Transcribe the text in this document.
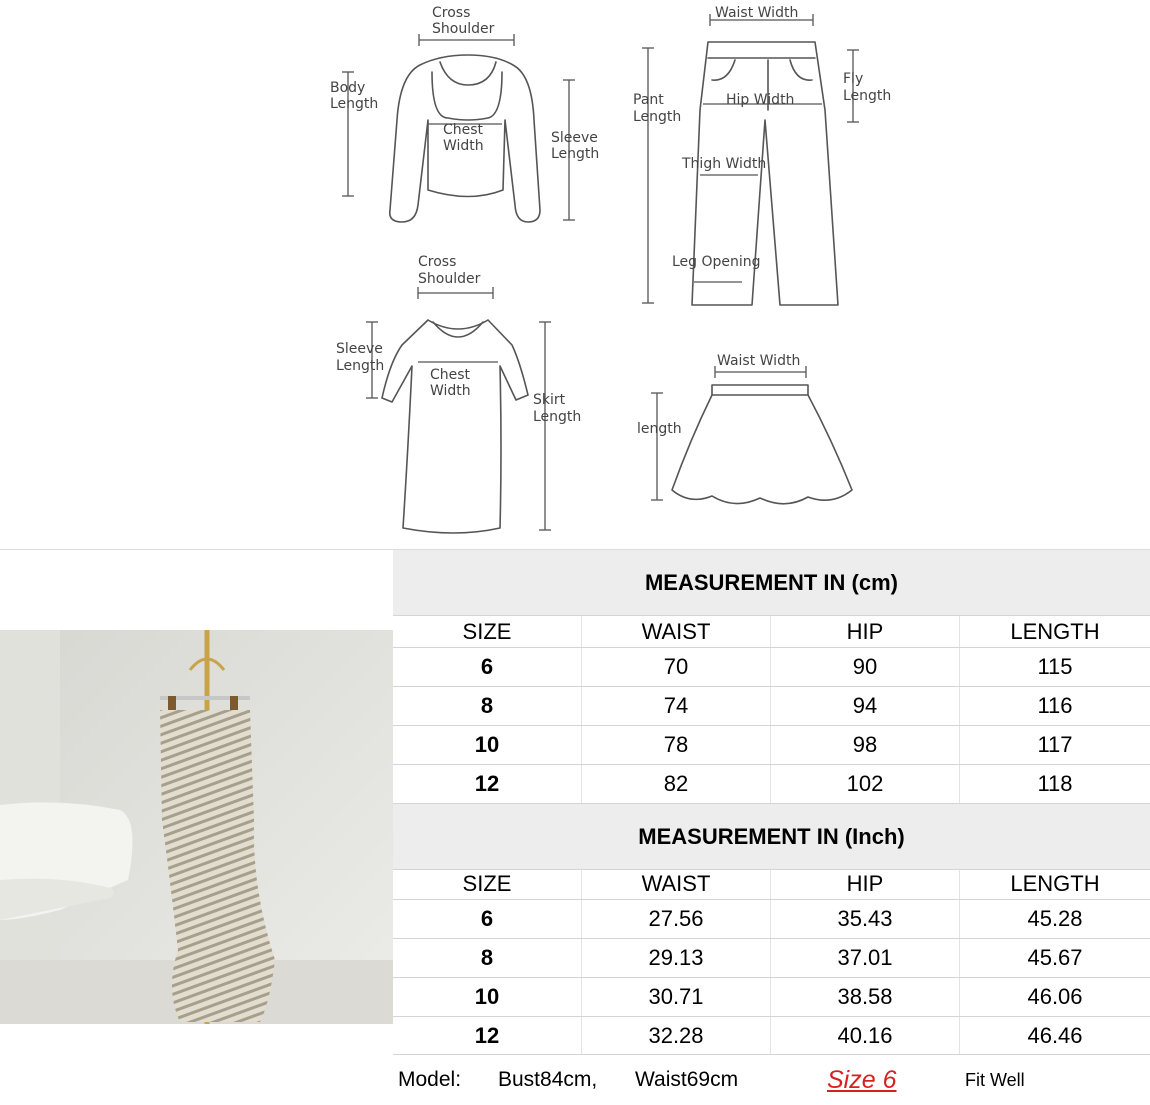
Cross
Shoulder
Body
Length
Chest
Width	Sleeve
Length
Waist Width
Fly
Length
Pant
Length
Hip Width
Thigh Width
Leg Opening
Cross
Shoulder
Sleeve
Length
Chest
Width
Skirt
Length
Waist Width
length
MEASUREMENT IN (cm)
SIZE	WAIST	HIP	LENGTH
6	70	90	115
8	74	94	116
10	78	98	117
12	82	102	118
MEASUREMENT IN (Inch)
SIZE	WAIST	HIP	LENGTH
6	27.56	35.43	45.28
8	29.13	37.01	45.67
10	30.71	38.58	46.06
12	32.28	40.16	46.46
Model: Bust84cm, Waist69cm	Size 6	Fit Well
